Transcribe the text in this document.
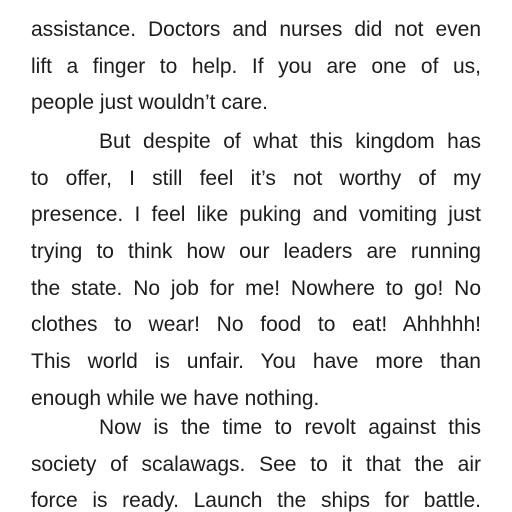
assistance. Doctors and nurses did not even
lift a finger to help. If you are one of us,
people just wouldn’t care.
But despite of what this kingdom has
to offer, I still feel it’s not worthy of my
presence. I feel like puking and vomiting just
trying to think how our leaders are running
the state. No job for me! Nowhere to go! No
clothes to wear! No food to eat! Ahhhhh!
This world is unfair. You have more than
enough while we have nothing.
Now is the time to revolt against this
society of scalawags. See to it that the air
force is ready. Launch the ships for battle.
